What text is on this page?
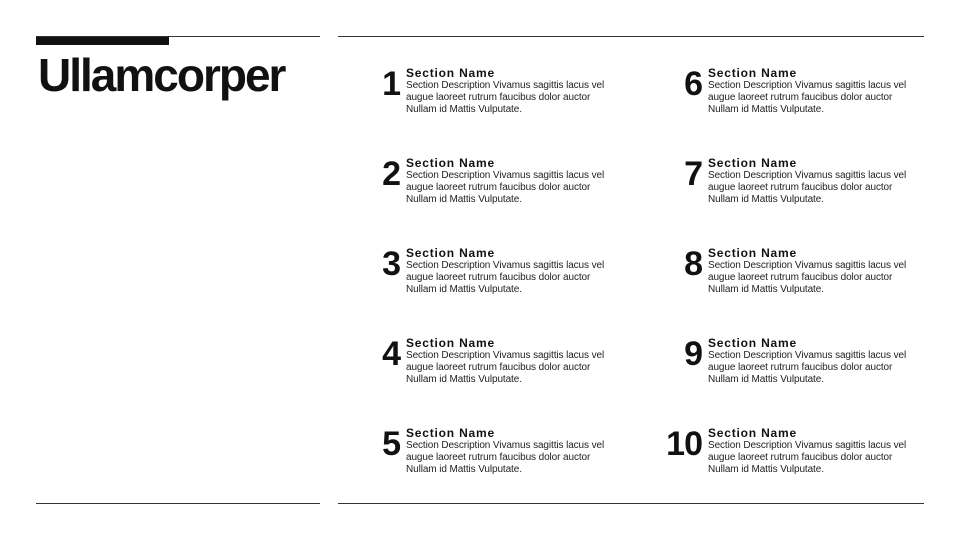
Ullamcorper	1 Section Name
Section Description Vivamus sagittis lacus vel augue laoreet rutrum faucibus dolor auctor Nullam id Mattis Vulputate.
2 Section Name
Section Description Vivamus sagittis lacus vel augue laoreet rutrum faucibus dolor auctor Nullam id Mattis Vulputate.
3 Section Name
Section Description Vivamus sagittis lacus vel augue laoreet rutrum faucibus dolor auctor Nullam id Mattis Vulputate.
4 Section Name
Section Description Vivamus sagittis lacus vel augue laoreet rutrum faucibus dolor auctor Nullam id Mattis Vulputate.
5 Section Name
Section Description Vivamus sagittis lacus vel augue laoreet rutrum faucibus dolor auctor Nullam id Mattis Vulputate.
6 Section Name
Section Description Vivamus sagittis lacus vel augue laoreet rutrum faucibus dolor auctor Nullam id Mattis Vulputate.
7 Section Name
Section Description Vivamus sagittis lacus vel augue laoreet rutrum faucibus dolor auctor Nullam id Mattis Vulputate.
8 Section Name
Section Description Vivamus sagittis lacus vel augue laoreet rutrum faucibus dolor auctor Nullam id Mattis Vulputate.
9 Section Name
Section Description Vivamus sagittis lacus vel augue laoreet rutrum faucibus dolor auctor Nullam id Mattis Vulputate.
10 Section Name
Section Description Vivamus sagittis lacus vel augue laoreet rutrum faucibus dolor auctor Nullam id Mattis Vulputate.
